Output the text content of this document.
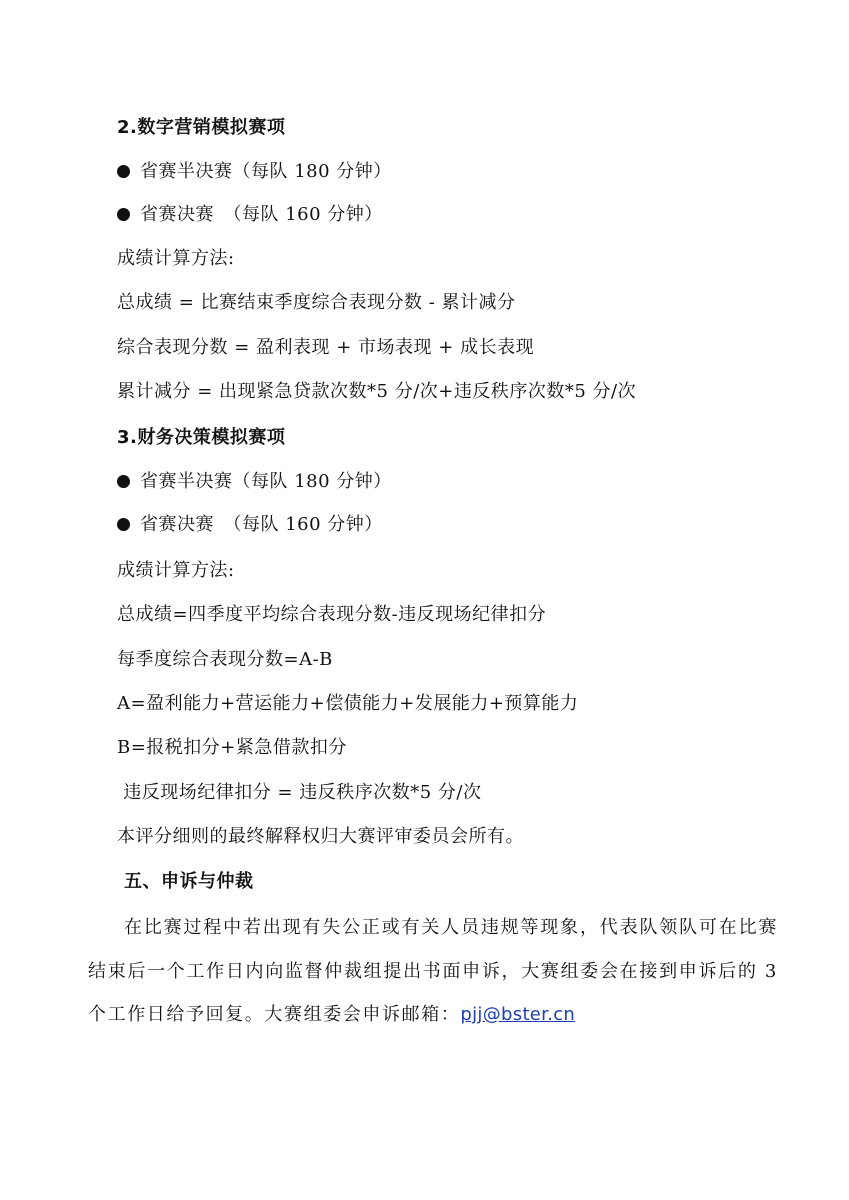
2.数字营销模拟赛项
省赛半决赛（每队 180 分钟）
省赛决赛　（每队 160 分钟）
成绩计算方法:
总成绩 = 比赛结束季度综合表现分数 - 累计减分
综合表现分数 = 盈利表现 + 市场表现 + 成长表现
累计减分 = 出现紧急贷款次数*5 分/次+违反秩序次数*5 分/次
3.财务决策模拟赛项
省赛半决赛（每队 180 分钟）
省赛决赛　（每队 160 分钟）
成绩计算方法:
总成绩=四季度平均综合表现分数-违反现场纪律扣分
每季度综合表现分数=A-B
A=盈利能力+营运能力+偿债能力+发展能力+预算能力
B=报税扣分+紧急借款扣分
违反现场纪律扣分 = 违反秩序次数*5 分/次
本评分细则的最终解释权归大赛评审委员会所有。
五、申诉与仲裁
在比赛过程中若出现有失公正或有关人员违规等现象，代表队领队可在比赛结束后一个工作日内向监督仲裁组提出书面申诉，大赛组委会在接到申诉后的 3个工作日给予回复。大赛组委会申诉邮箱：pjj@bster.cn
